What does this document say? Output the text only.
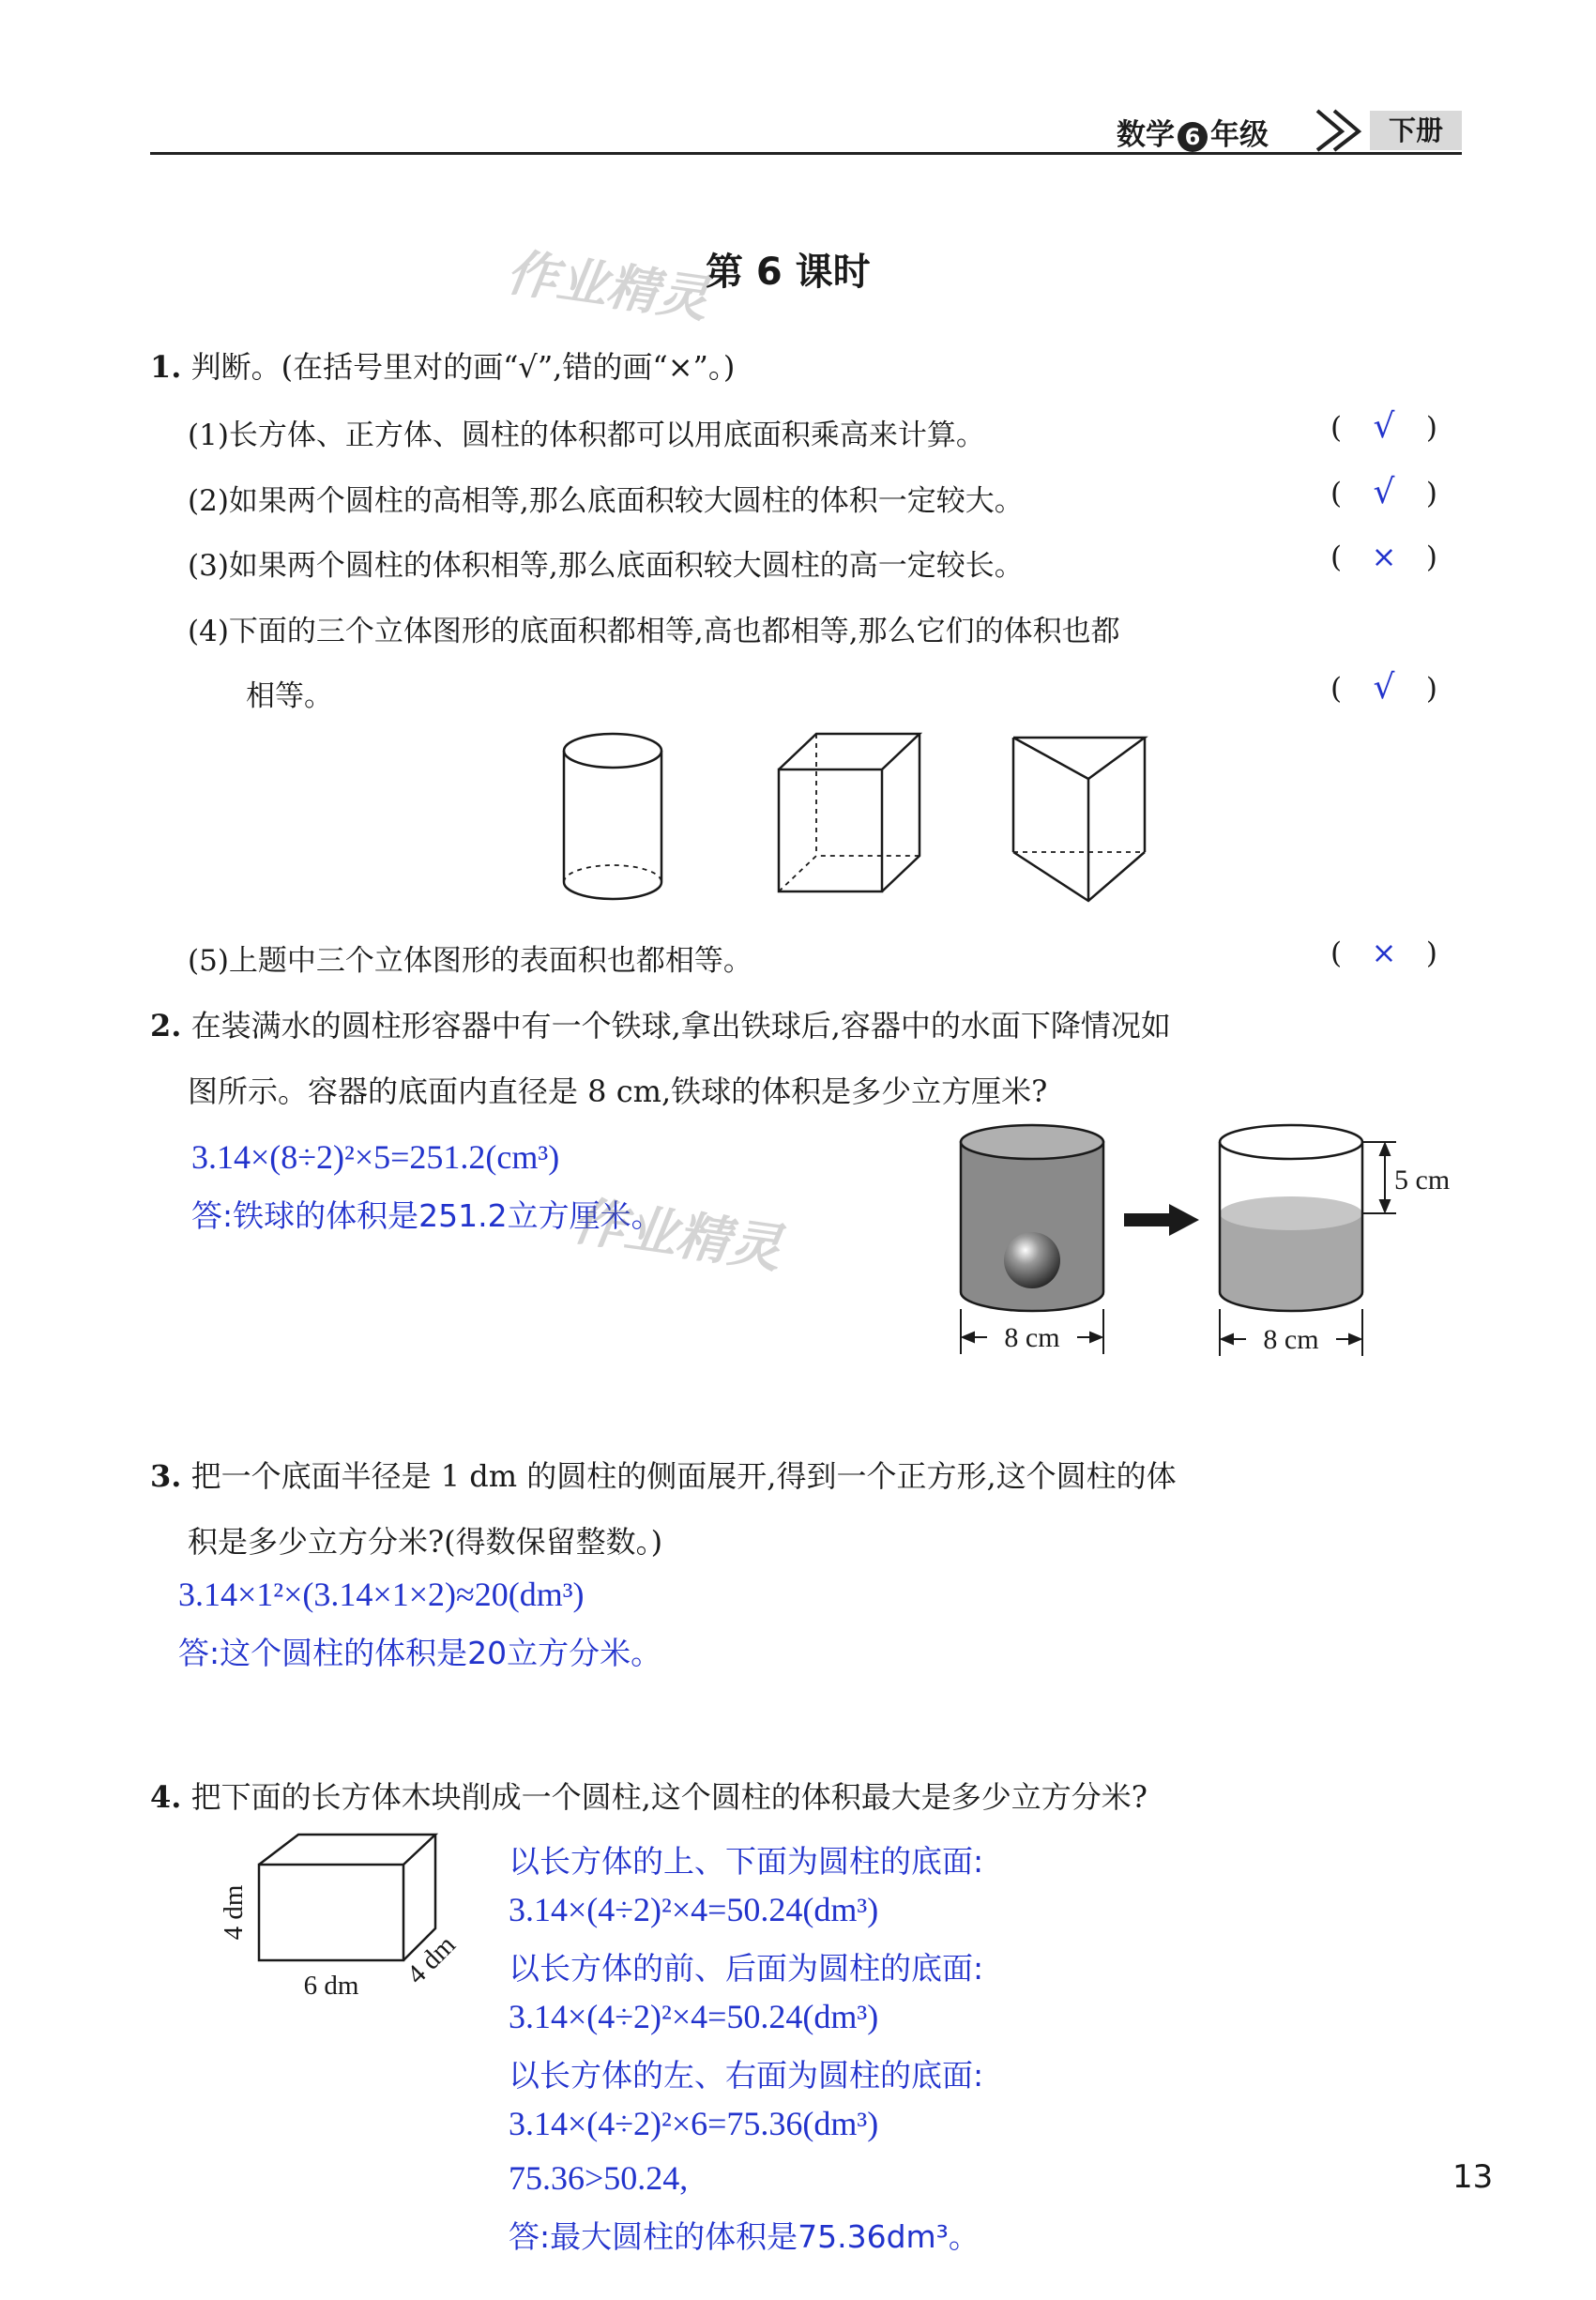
数学 6 年级	下册
作业精灵
第 6 课时
1. 判断。(在括号里对的画“√”,错的画“×”。)
(1)长方体、正方体、圆柱的体积都可以用底面积乘高来计算。	( √ )
(2)如果两个圆柱的高相等,那么底面积较大圆柱的体积一定较大。	( √ )
(3)如果两个圆柱的体积相等,那么底面积较大圆柱的高一定较长。	( × )
(4)下面的三个立体图形的底面积都相等,高也都相等,那么它们的体积也都
相等。	( √ )
(5)上题中三个立体图形的表面积也都相等。	( × )
2. 在装满水的圆柱形容器中有一个铁球,拿出铁球后,容器中的水面下降情况如
图所示。容器的底面内直径是 8 cm,铁球的体积是多少立方厘米?
3.14×(8÷2)²×5=251.2(cm³)
答:铁球的体积是251.2立方厘米。
作业精灵
5 cm
8 cm	8 cm
3. 把一个底面半径是 1 dm 的圆柱的侧面展开,得到一个正方形,这个圆柱的体
积是多少立方分米?(得数保留整数。)
3.14×1²×(3.14×1×2)≈20(dm³)
答:这个圆柱的体积是20立方分米。
4. 把下面的长方体木块削成一个圆柱,这个圆柱的体积最大是多少立方分米?
4 dm
6 dm 4 dm
以长方体的上、下面为圆柱的底面:
3.14×(4÷2)²×4=50.24(dm³)
以长方体的前、后面为圆柱的底面:
3.14×(4÷2)²×4=50.24(dm³)
以长方体的左、右面为圆柱的底面:
3.14×(4÷2)²×6=75.36(dm³)
75.36>50.24,
答:最大圆柱的体积是75.36dm³。
13
